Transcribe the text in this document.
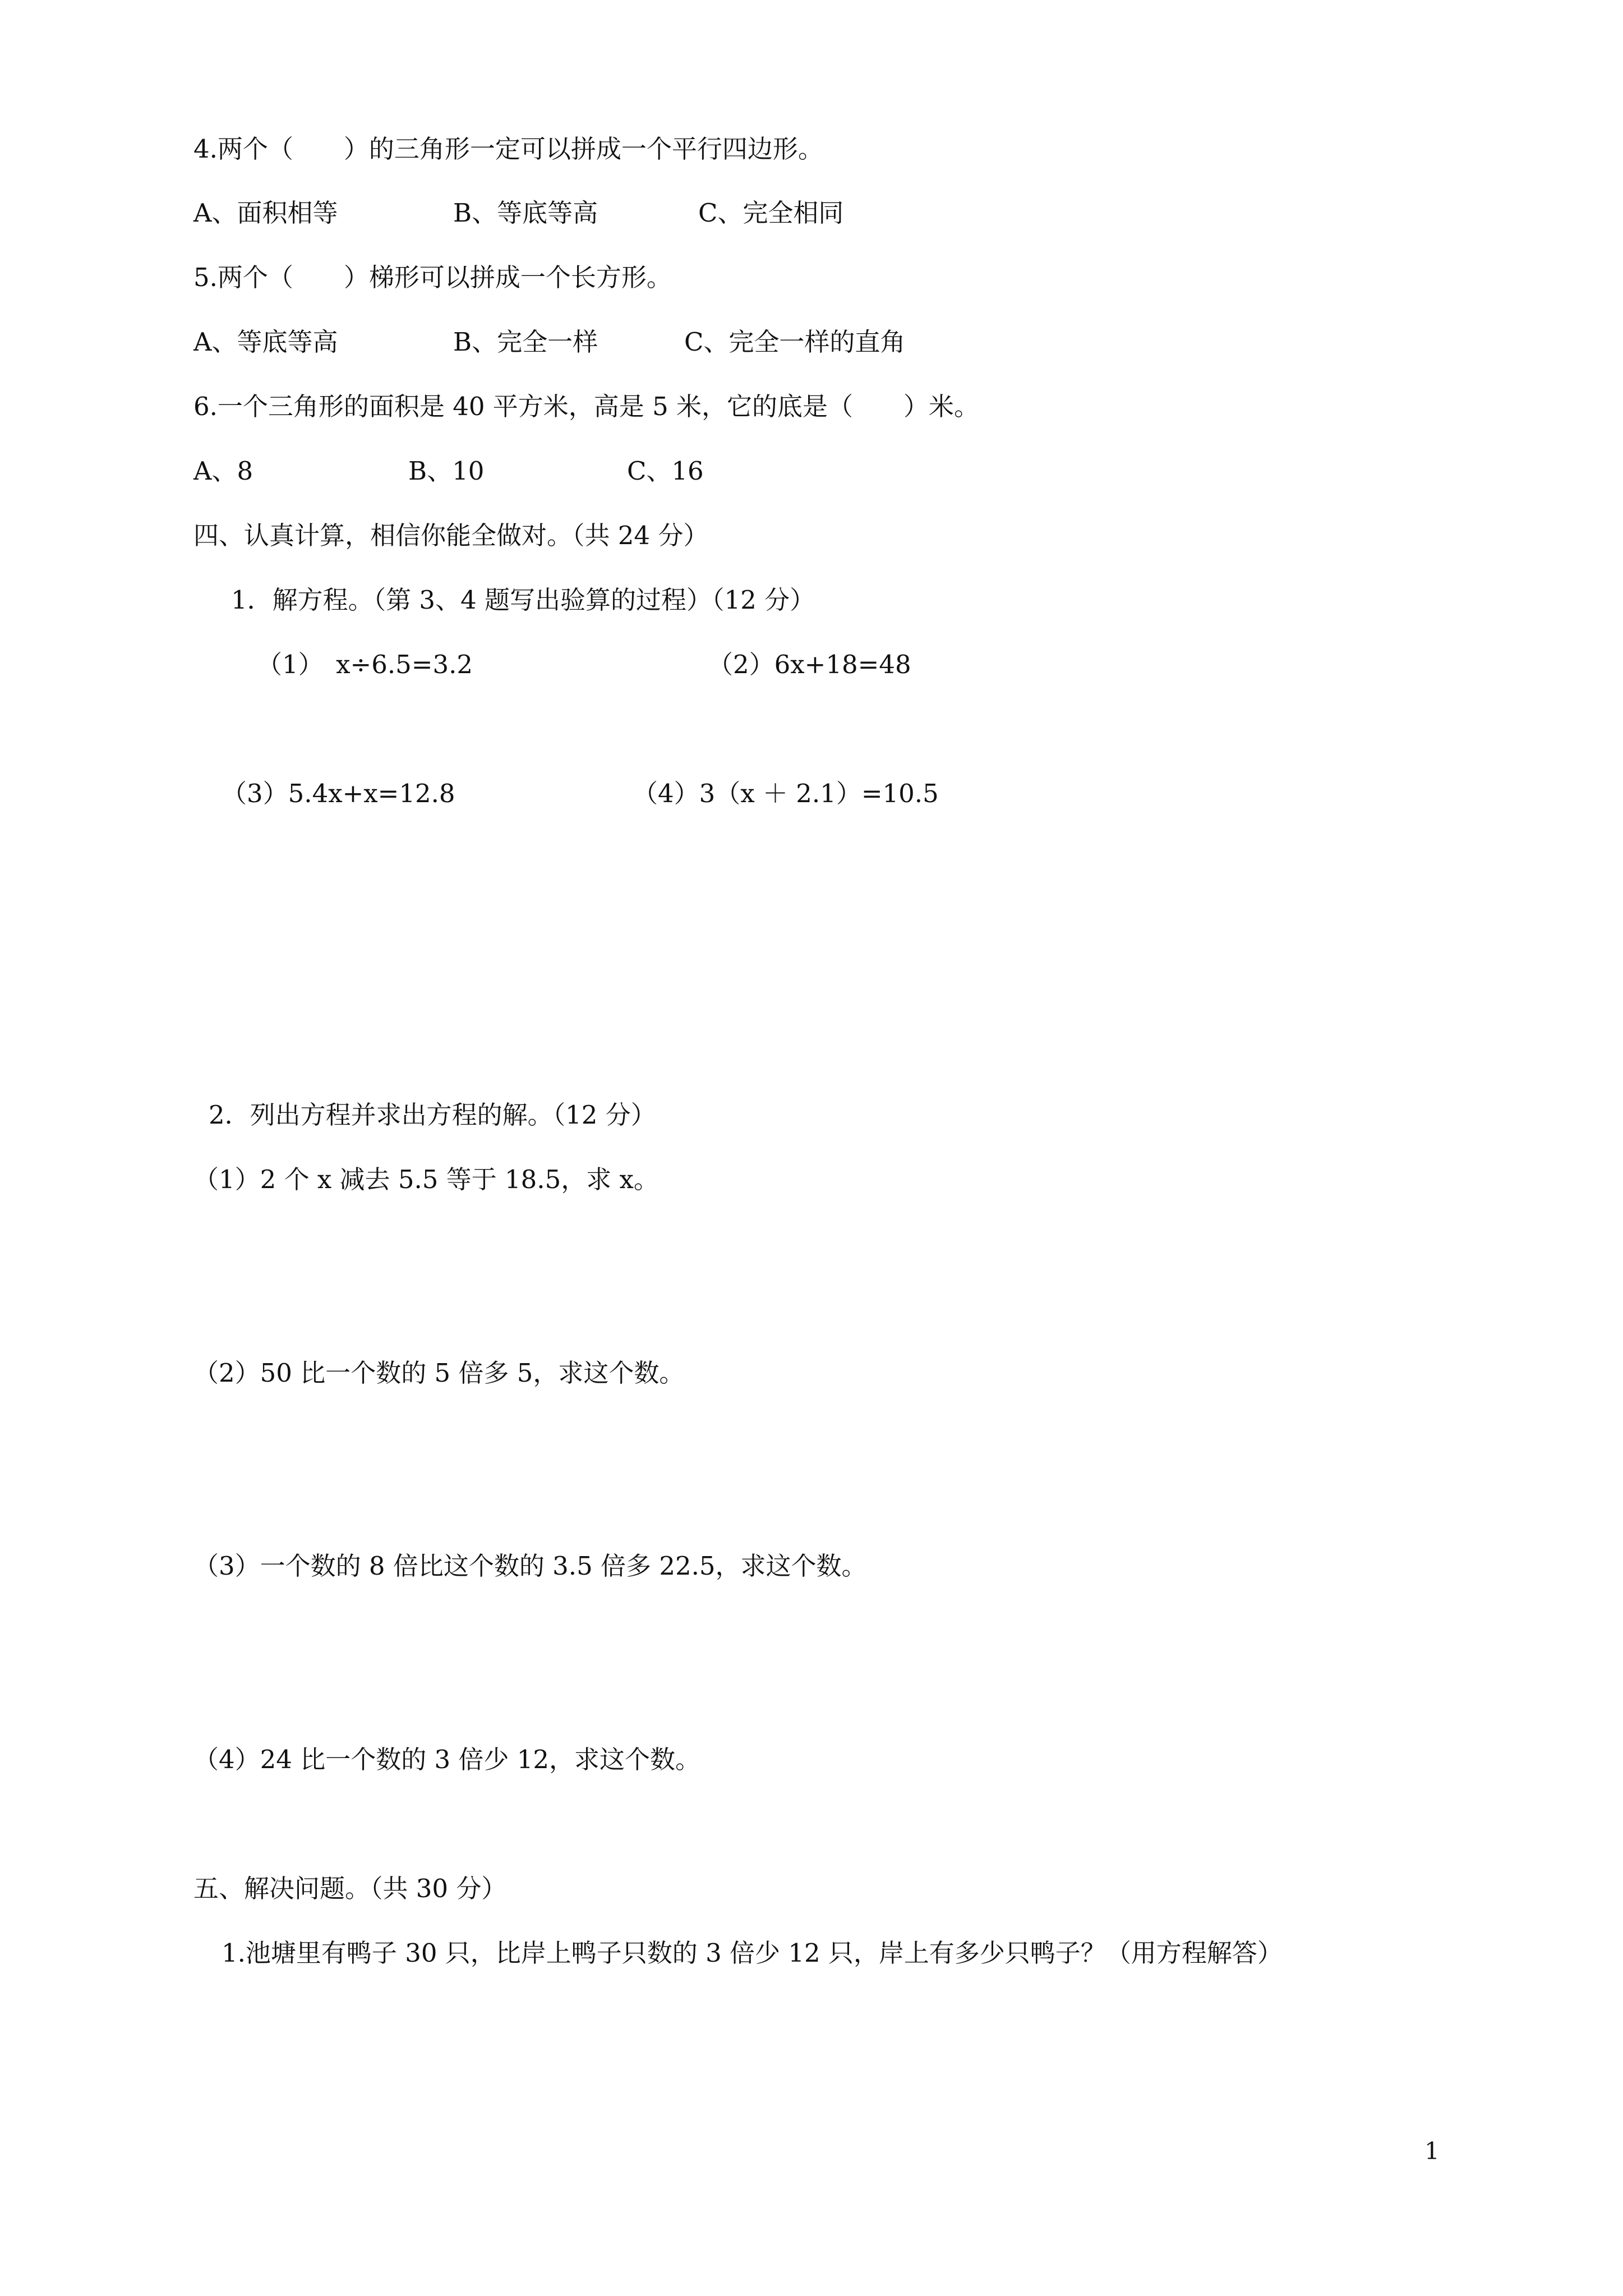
4.两个（　　）的三角形一定可以拼成一个平行四边形。
A、面积相等	B、等底等高	C、完全相同
5.两个（　　）梯形可以拼成一个长方形。
A、等底等高	B、完全一样	C、完全一样的直角
6.一个三角形的面积是 40 平方米，高是 5 米，它的底是（　　）米。
A、8	B、10	C、16
四、认真计算，相信你能全做对。（共 24 分）
1．解方程。（第 3、4 题写出验算的过程）（12 分）
（1）　x÷6.5=3.2	（2）6x+18=48
（3）5.4x+x=12.8	（4）3（x ＋ 2.1）=10.5
2．列出方程并求出方程的解。（12 分）
（1）2 个 x 减去 5.5 等于 18.5，求 x。
（2）50 比一个数的 5 倍多 5，求这个数。
（3）一个数的 8 倍比这个数的 3.5 倍多 22.5，求这个数。
（4）24 比一个数的 3 倍少 12，求这个数。
五、解决问题。（共 30 分）
1.池塘里有鸭子 30 只，比岸上鸭子只数的 3 倍少 12 只，岸上有多少只鸭子？（用方程解答）
1
